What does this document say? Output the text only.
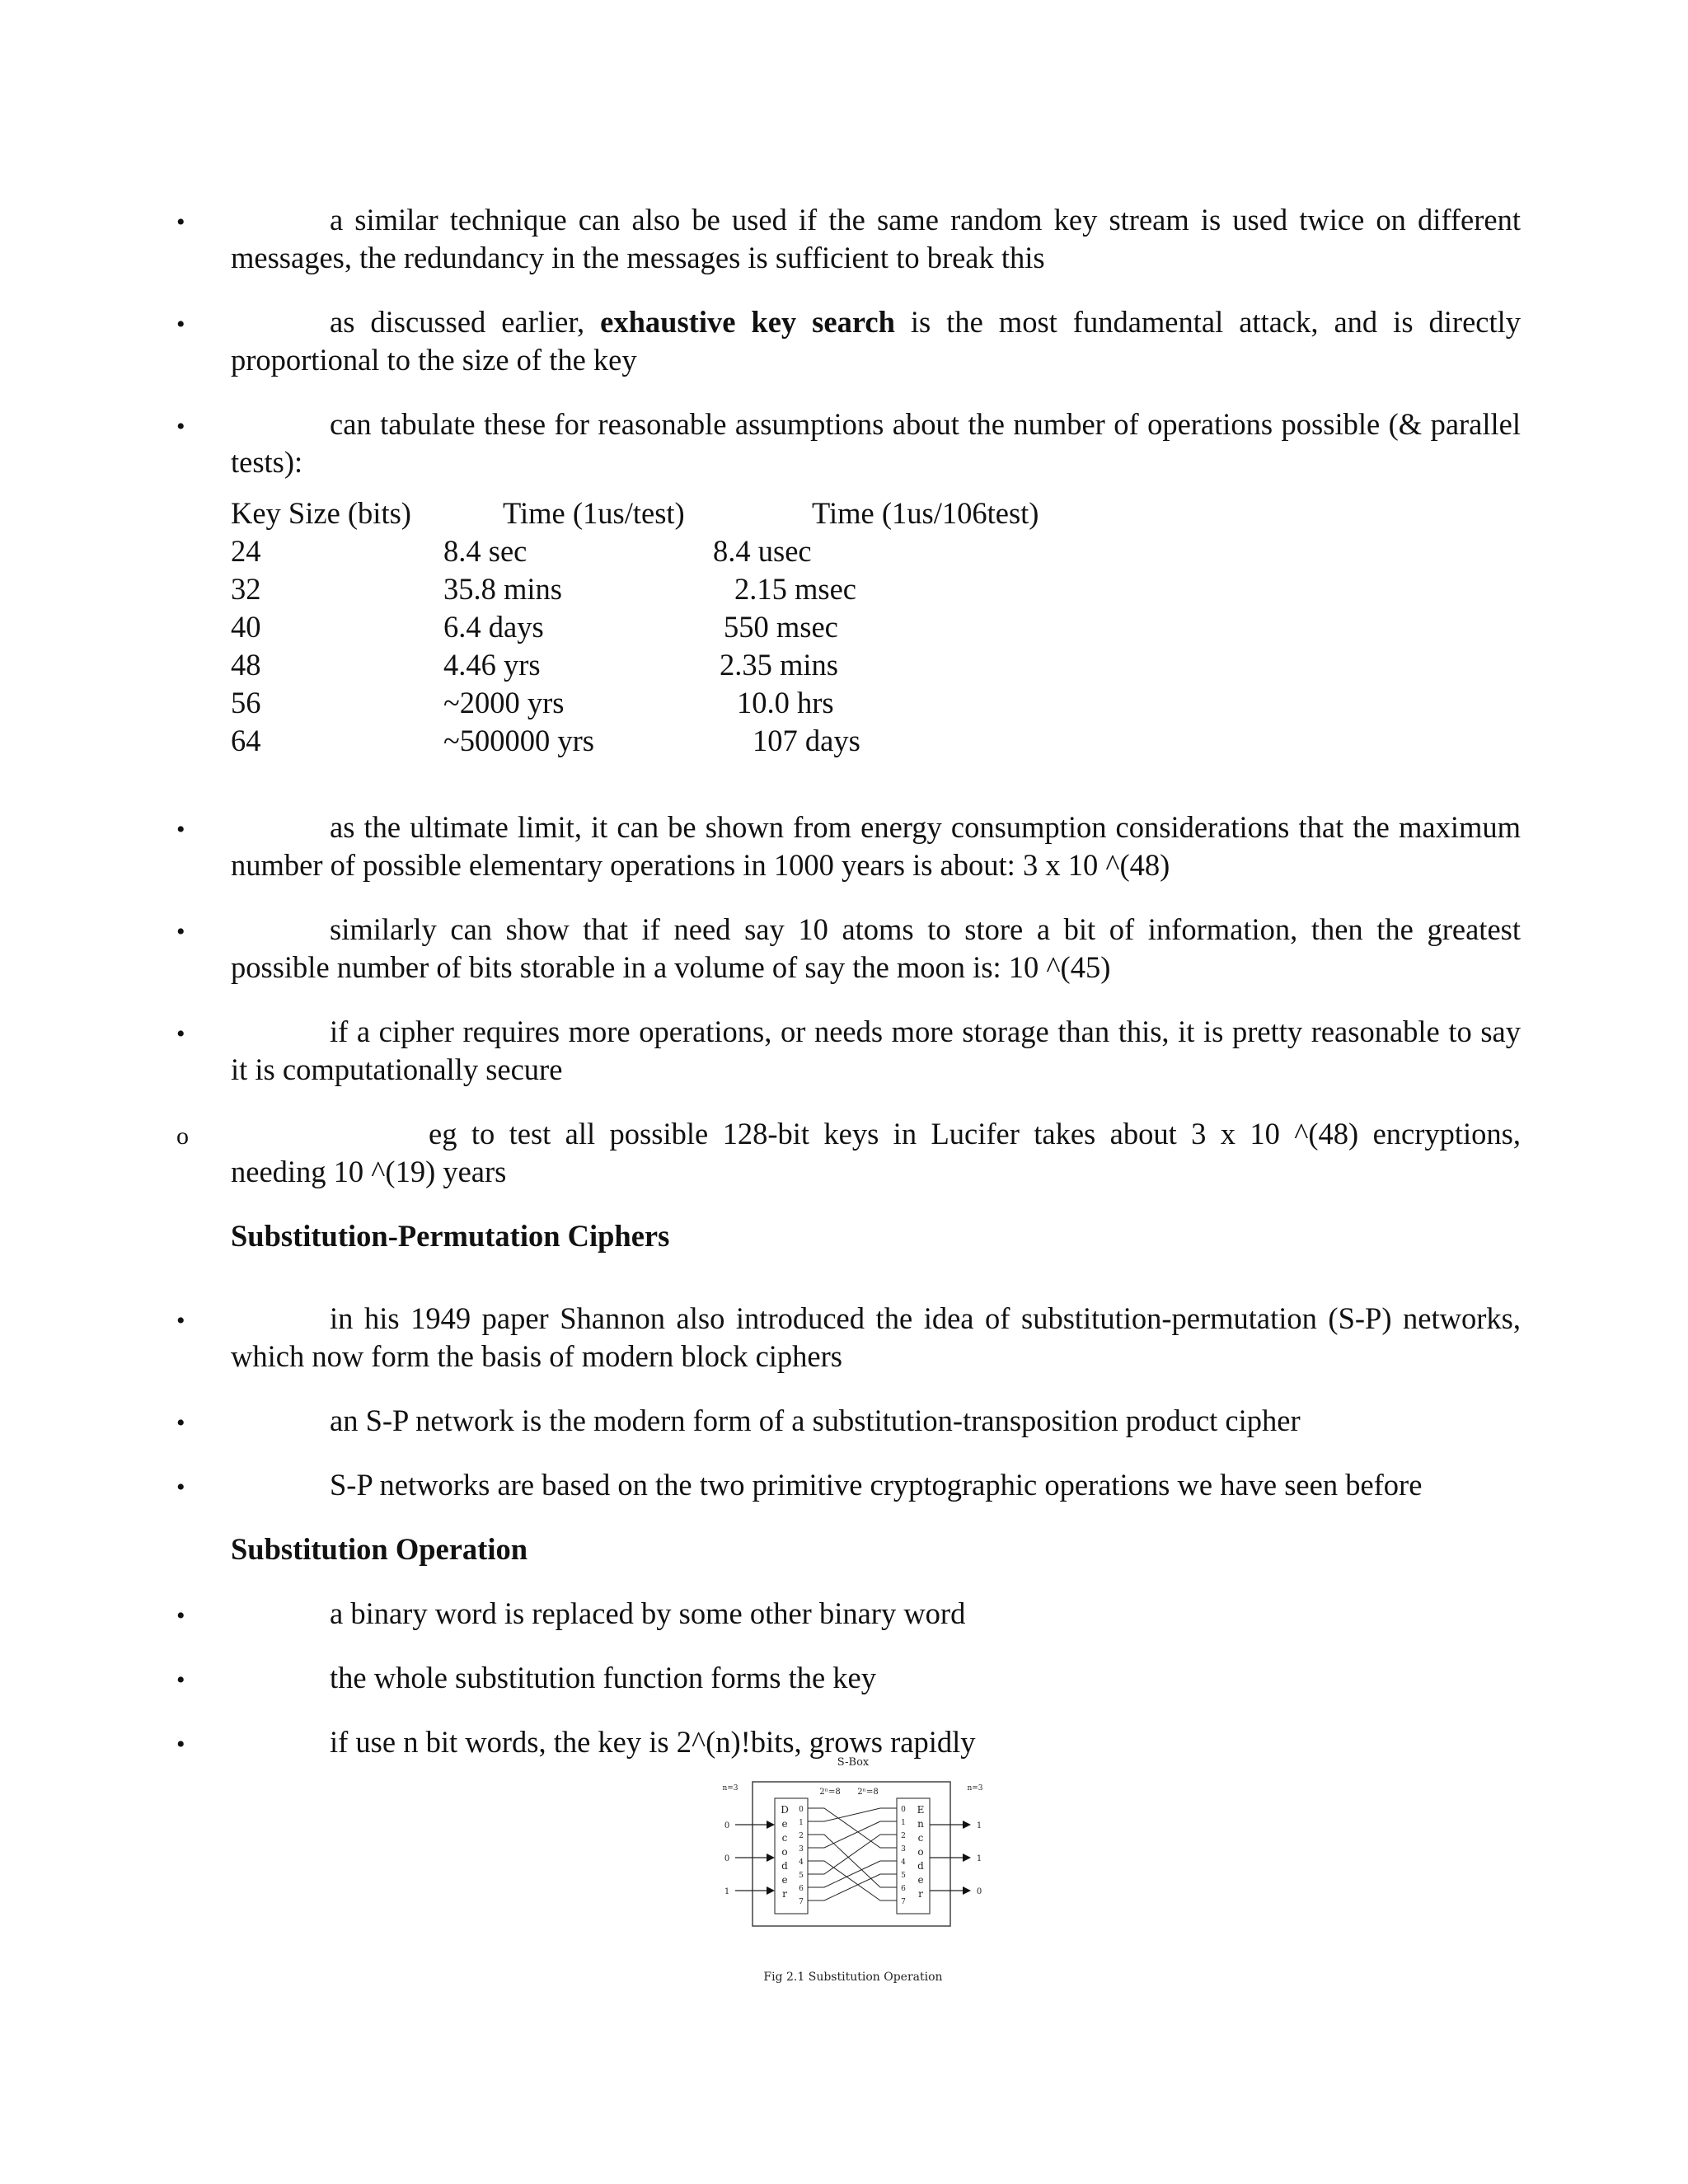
•	a similar technique can also be used if the same random key stream is used twice on different messages, the redundancy in the messages is sufficient to break this
•	as discussed earlier, exhaustive key search is the most fundamental attack, and is directly proportional to the size of the key
•	can tabulate these for reasonable assumptions about the number of operations possible (& parallel tests):
Key Size (bits)	Time (1us/test)	Time (1us/106test)
24	8.4 sec	8.4 usec
32	35.8 mins	2.15 msec
40	6.4 days	550 msec
48	4.46 yrs	2.35 mins
56	~2000 yrs	10.0 hrs
64	~500000 yrs	107 days
•	as the ultimate limit, it can be shown from energy consumption considerations that the maximum number of possible elementary operations in 1000 years is about: 3 x 10 ^(48)
•	similarly can show that if need say 10 atoms to store a bit of information, then the greatest possible number of bits storable in a volume of say the moon is: 10 ^(45)
•	if a cipher requires more operations, or needs more storage than this, it is pretty reasonable to say it is computationally secure
o	eg to test all possible 128-bit keys in Lucifer takes about 3 x 10 ^(48) encryptions, needing 10 ^(19) years
Substitution-Permutation Ciphers
•	in his 1949 paper Shannon also introduced the idea of substitution-permutation (S-P) networks, which now form the basis of modern block ciphers
•	an S-P network is the modern form of a substitution-transposition product cipher
•	S-P networks are based on the two primitive cryptographic operations we have seen before
Substitution Operation
•	a binary word is replaced by some other binary word
•	the whole substitution function forms the key
•	if use n bit words, the key is 2^(n)!bits, grows rapidly
S-Box
2ⁿ=8 2ⁿ=8
D
e
c
o
d
e
r
0
1
2
3
4
5
6
7
E
n
c
o
d
e
r
0
1
2
3
4
5
6
7
n=3	n=3
0
0
1
1
1
0
Fig 2.1 Substitution Operation
